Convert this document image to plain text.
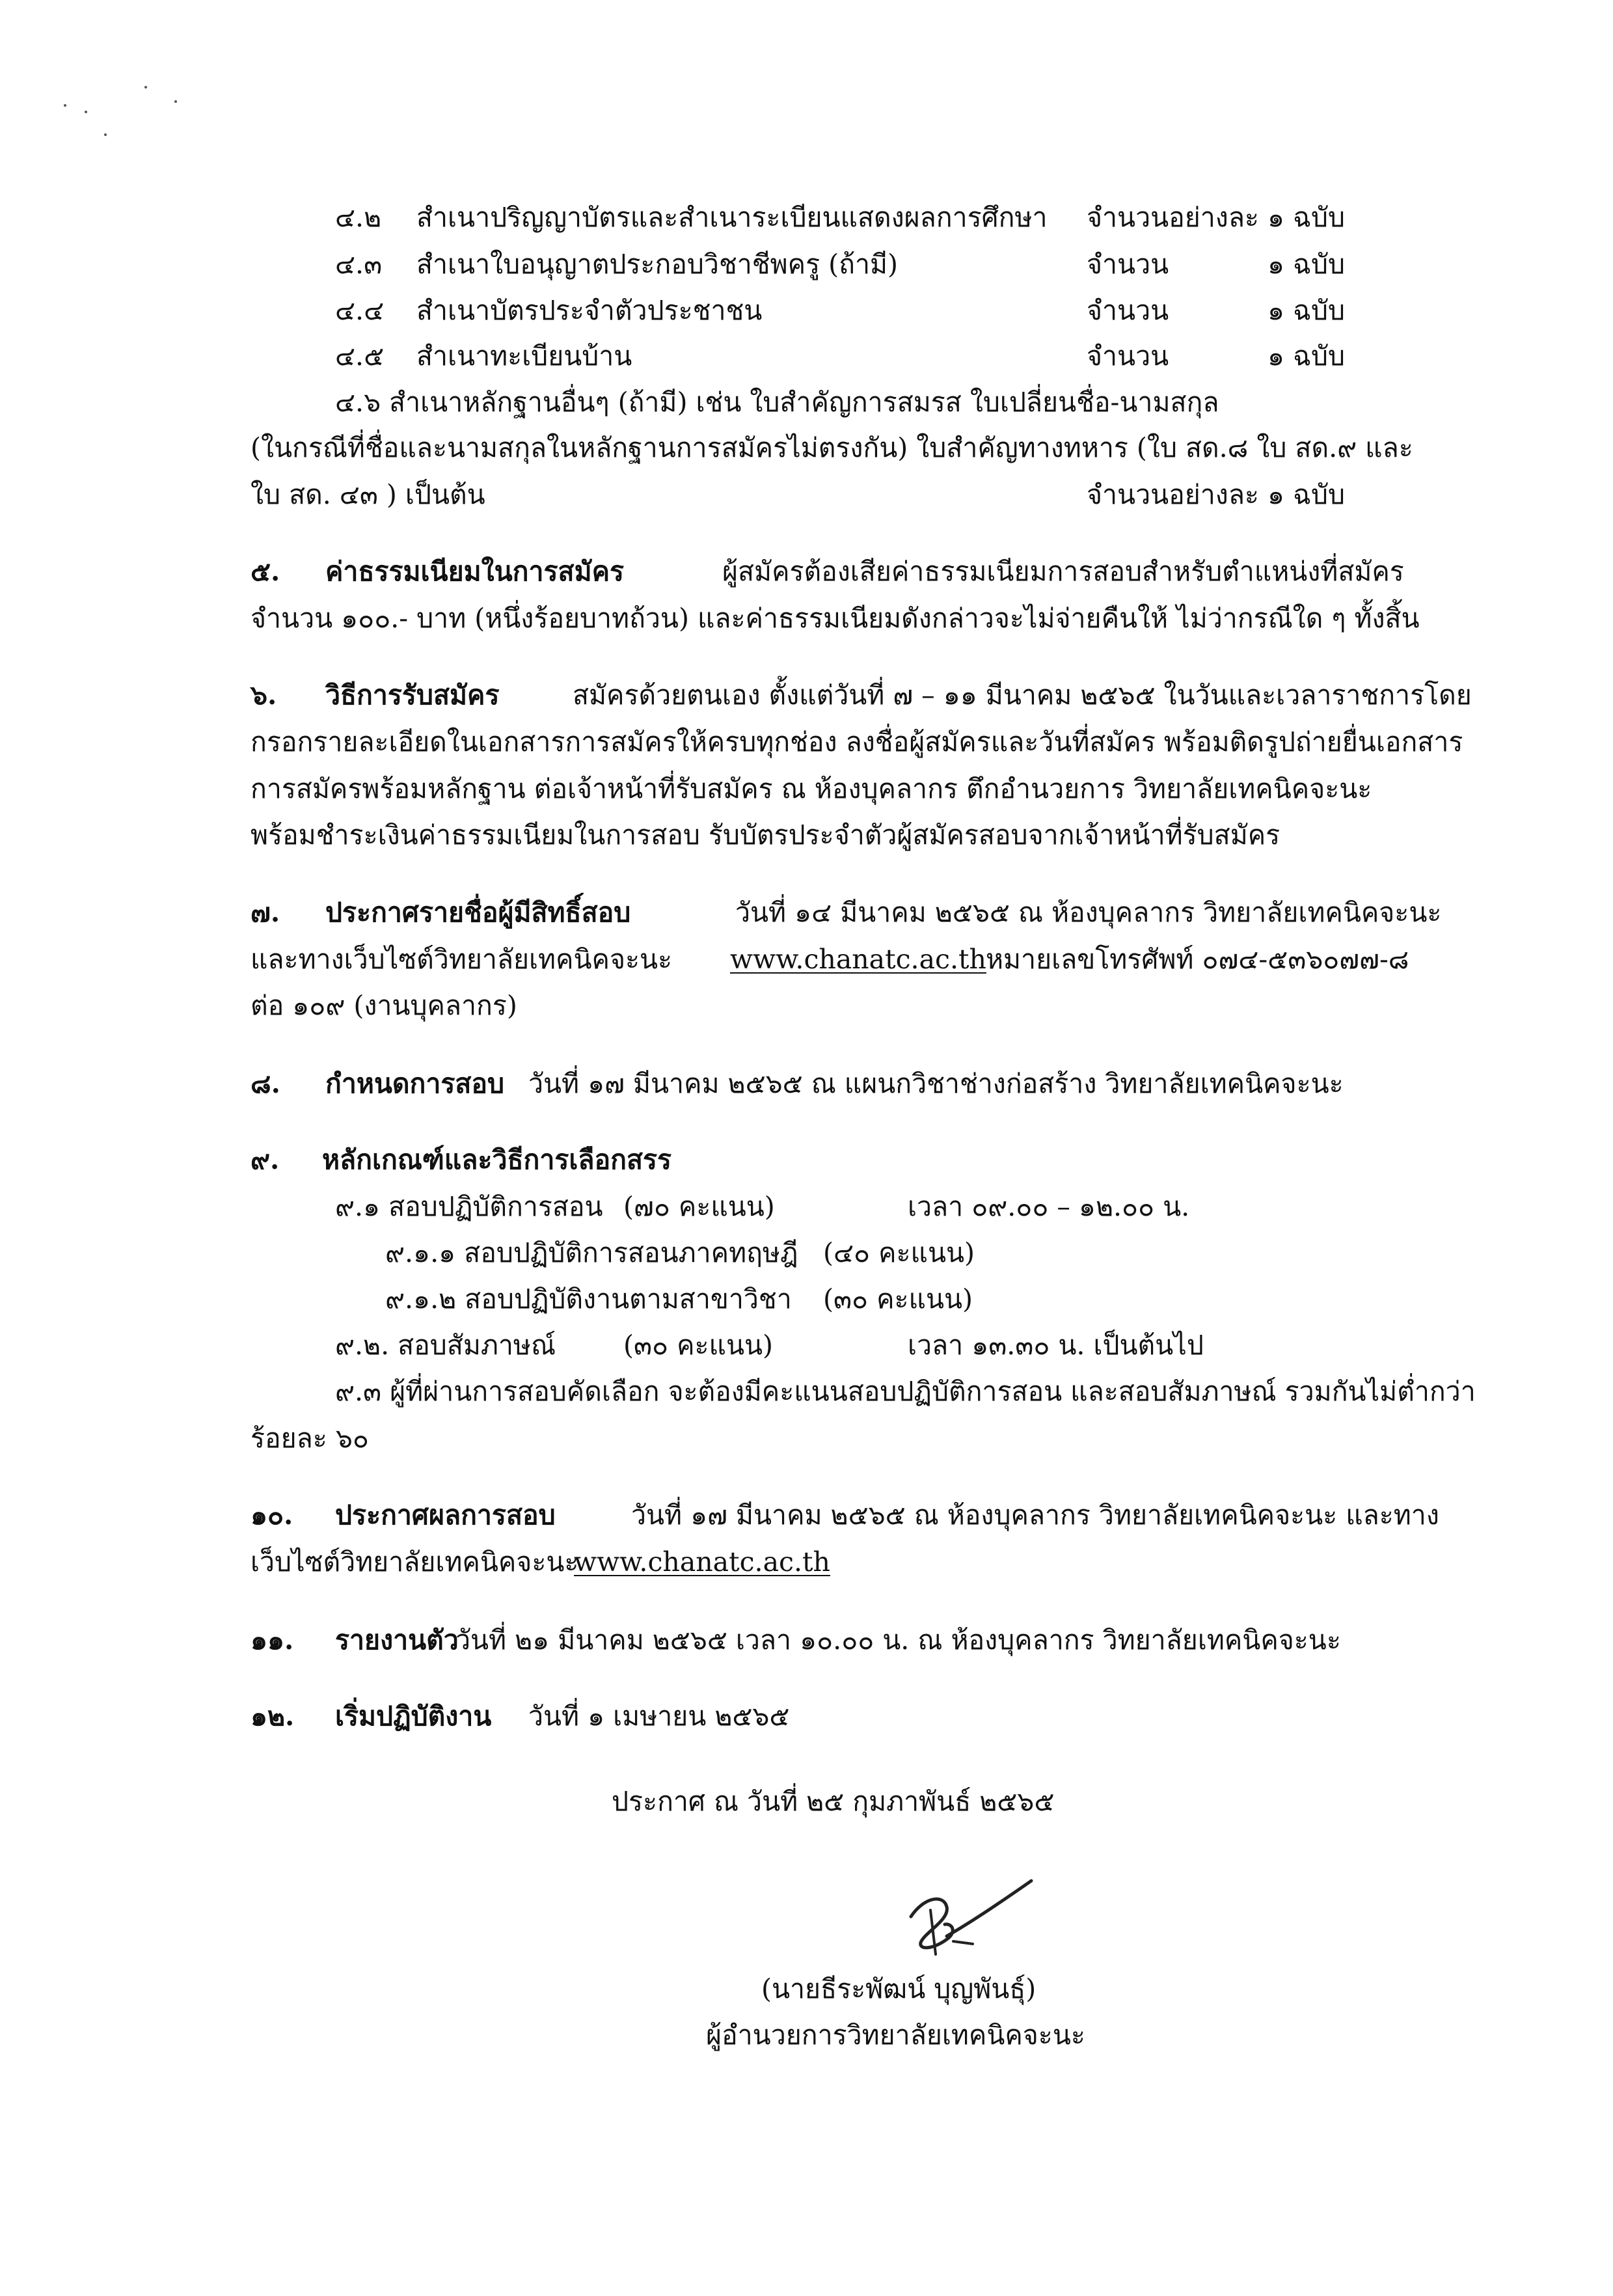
๔.๒ สำเนาปริญญาบัตรและสำเนาระเบียนแสดงผลการศึกษา จำนวนอย่างละ ๑ ฉบับ
๔.๓ สำเนาใบอนุญาตประกอบวิชาชีพครู (ถ้ามี)	จำนวน	๑ ฉบับ
๔.๔ สำเนาบัตรประจำตัวประชาชน	จำนวน	๑ ฉบับ
๔.๕ สำเนาทะเบียนบ้าน	จำนวน	๑ ฉบับ
๔.๖ สำเนาหลักฐานอื่นๆ (ถ้ามี) เช่น ใบสำคัญการสมรส ใบเปลี่ยนชื่อ-นามสกุล
(ในกรณีที่ชื่อและนามสกุลในหลักฐานการสมัครไม่ตรงกัน) ใบสำคัญทางทหาร (ใบ สด.๘ ใบ สด.๙ และ
ใบ สด. ๔๓ ) เป็นต้น	จำนวนอย่างละ ๑ ฉบับ
๕. ค่าธรรมเนียมในการสมัคร	ผู้สมัครต้องเสียค่าธรรมเนียมการสอบสำหรับตำแหน่งที่สมัคร
จำนวน ๑๐๐.- บาท (หนึ่งร้อยบาทถ้วน) และค่าธรรมเนียมดังกล่าวจะไม่จ่ายคืนให้ ไม่ว่ากรณีใด ๆ ทั้งสิ้น
๖. วิธีการรับสมัคร	สมัครด้วยตนเอง ตั้งแต่วันที่ ๗ – ๑๑ มีนาคม ๒๕๖๕ ในวันและเวลาราชการโดย
กรอกรายละเอียดในเอกสารการสมัครให้ครบทุกช่อง ลงชื่อผู้สมัครและวันที่สมัคร พร้อมติดรูปถ่ายยื่นเอกสาร
การสมัครพร้อมหลักฐาน ต่อเจ้าหน้าที่รับสมัคร ณ ห้องบุคลากร ตึกอำนวยการ วิทยาลัยเทคนิคจะนะ
พร้อมชำระเงินค่าธรรมเนียมในการสอบ รับบัตรประจำตัวผู้สมัครสอบจากเจ้าหน้าที่รับสมัคร
๗. ประกาศรายชื่อผู้มีสิทธิ์สอบ	วันที่ ๑๔ มีนาคม ๒๕๖๕ ณ ห้องบุคลากร วิทยาลัยเทคนิคจะนะ
และทางเว็บไซต์วิทยาลัยเทคนิคจะนะ www.chanatc.ac.th หมายเลขโทรศัพท์ ๐๗๔-๕๓๖๐๗๗-๘
ต่อ ๑๐๙ (งานบุคลากร)
๘. กำหนดการสอบ วันที่ ๑๗ มีนาคม ๒๕๖๕ ณ แผนกวิชาช่างก่อสร้าง วิทยาลัยเทคนิคจะนะ
๙. หลักเกณฑ์และวิธีการเลือกสรร
๙.๑ สอบปฏิบัติการสอน (๗๐ คะแนน)	เวลา ๐๙.๐๐ – ๑๒.๐๐ น.
๙.๑.๑ สอบปฏิบัติการสอนภาคทฤษฎี (๔๐ คะแนน)
๙.๑.๒ สอบปฏิบัติงานตามสาขาวิชา (๓๐ คะแนน)
๙.๒. สอบสัมภาษณ์	(๓๐ คะแนน)	เวลา ๑๓.๓๐ น. เป็นต้นไป
๙.๓ ผู้ที่ผ่านการสอบคัดเลือก จะต้องมีคะแนนสอบปฏิบัติการสอน และสอบสัมภาษณ์ รวมกันไม่ต่ำกว่า
ร้อยละ ๖๐
๑๐. ประกาศผลการสอบ	วันที่ ๑๗ มีนาคม ๒๕๖๕ ณ ห้องบุคลากร วิทยาลัยเทคนิคจะนะ และทาง
เว็บไซต์วิทยาลัยเทคนิคจะนะ
www.chanatc.ac.th
๑๑. รายงานตัว
วันที่ ๒๑ มีนาคม ๒๕๖๕ เวลา ๑๐.๐๐ น. ณ ห้องบุคลากร วิทยาลัยเทคนิคจะนะ
๑๒. เริ่มปฏิบัติงาน วันที่ ๑ เมษายน ๒๕๖๕
ประกาศ ณ วันที่ ๒๕ กุมภาพันธ์ ๒๕๖๕
(นายธีระพัฒน์ บุญพันธุ์)
ผู้อำนวยการวิทยาลัยเทคนิคจะนะ
